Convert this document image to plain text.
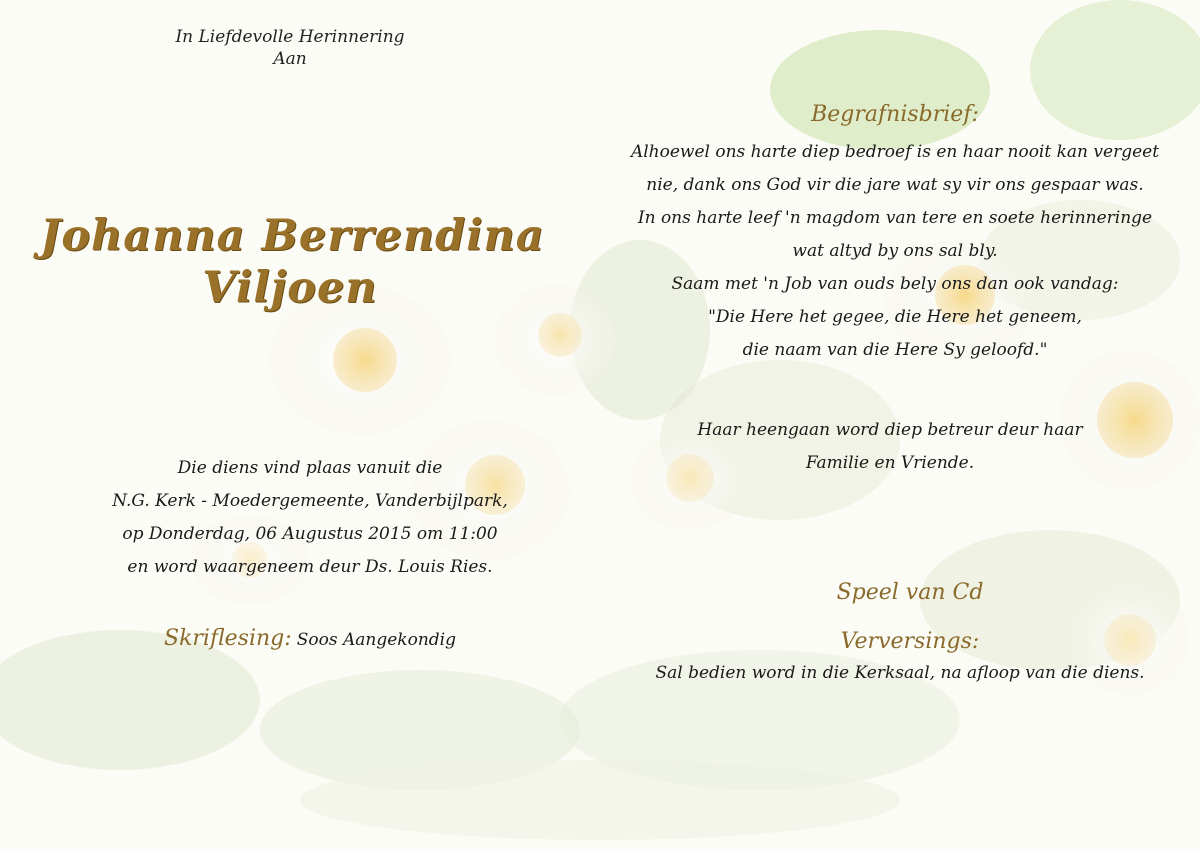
In Liefdevolle Herinnering
Aan
Johanna Berrendina
Viljoen
Die diens vind plaas vanuit die
N.G. Kerk - Moedergemeente, Vanderbijlpark,
op Donderdag, 06 Augustus 2015 om 11:00
en word waargeneem deur Ds. Louis Ries.
Skriflesing: Soos Aangekondig
Begrafnisbrief:
Alhoewel ons harte diep bedroef is en haar nooit kan vergeet
nie, dank ons God vir die jare wat sy vir ons gespaar was.
In ons harte leef 'n magdom van tere en soete herinneringe
wat altyd by ons sal bly.
Saam met 'n Job van ouds bely ons dan ook vandag:
"Die Here het gegee, die Here het geneem,
die naam van die Here Sy geloofd."
Haar heengaan word diep betreur deur haar
Familie en Vriende.
Speel van Cd
Verversings:
Sal bedien word in die Kerksaal, na afloop van die diens.
